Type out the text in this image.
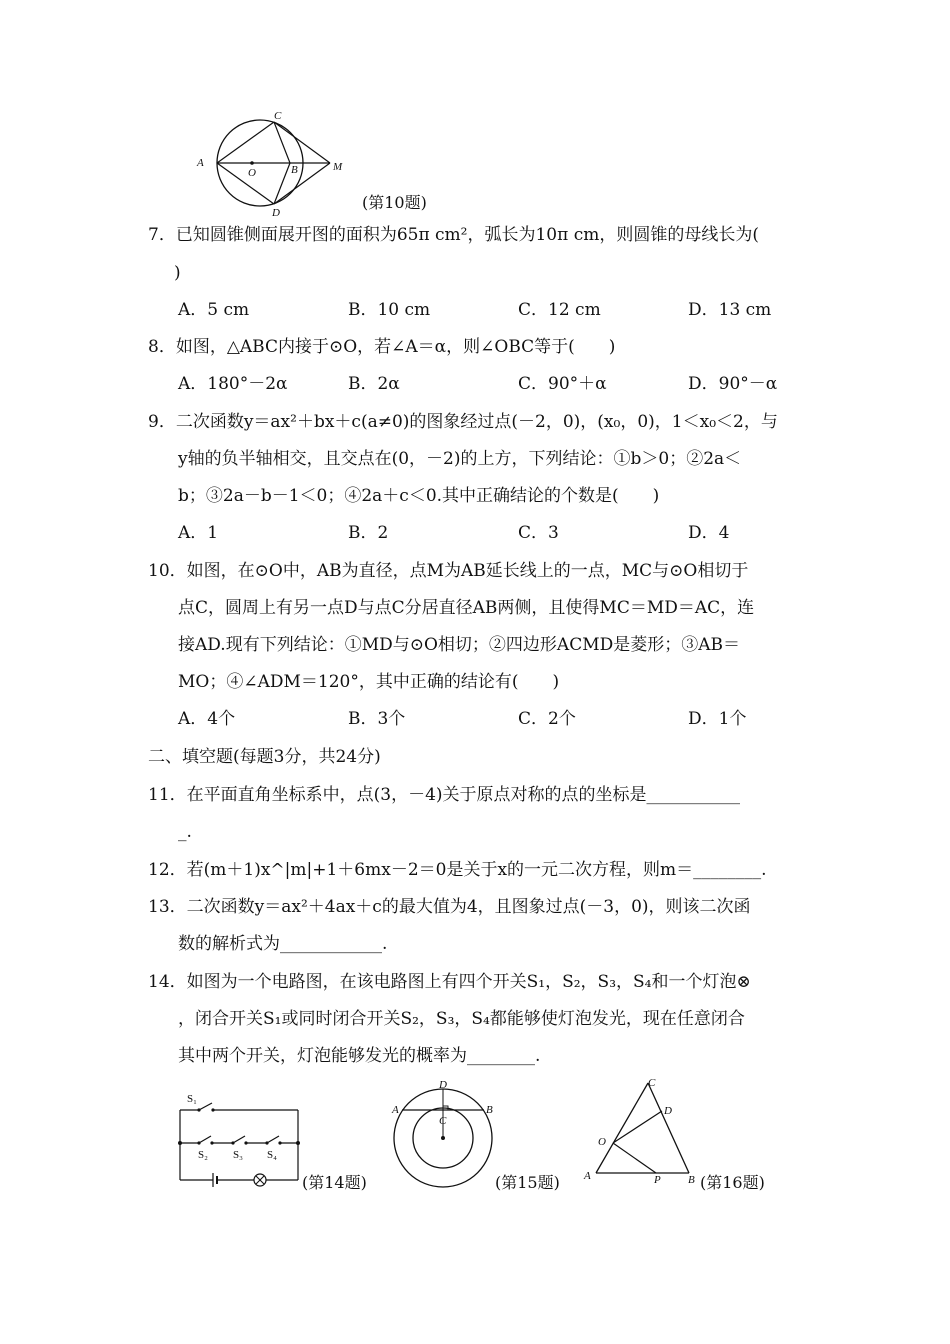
A
O	B	M
C
D
(第10题)
7．已知圆锥侧面展开图的面积为65π cm²，弧长为10π cm，则圆锥的母线长为(
)
A．5 cm	B．10 cm	C．12 cm	D．13 cm
8．如图，△ABC内接于⊙O，若∠A＝α，则∠OBC等于(　　)
A．180°－2α	B．2α	C．90°＋α	D．90°－α
9．二次函数y＝ax²＋bx＋c(a≠0)的图象经过点(－2，0)，(x₀，0)，1＜x₀＜2，与
y轴的负半轴相交，且交点在(0，－2)的上方，下列结论：①b＞0；②2a＜
b；③2a－b－1＜0；④2a＋c＜0.其中正确结论的个数是(　　)
A．1	B．2	C．3	D．4
10．如图，在⊙O中，AB为直径，点M为AB延长线上的一点，MC与⊙O相切于
点C，圆周上有另一点D与点C分居直径AB两侧，且使得MC＝MD＝AC，连
接AD.现有下列结论：①MD与⊙O相切；②四边形ACMD是菱形；③AB＝
MO；④∠ADM＝120°，其中正确的结论有(　　)
A．4个	B．3个	C．2个	D．1个
二、填空题(每题3分，共24分)
11．在平面直角坐标系中，点(3，－4)关于原点对称的点的坐标是___________
_.
12．若(m＋1)x^|m|+1＋6mx－2＝0是关于x的一元二次方程，则m＝________.
13．二次函数y＝ax²＋4ax＋c的最大值为4，且图象过点(－3，0)，则该二次函
数的解析式为____________.
14．如图为一个电路图，在该电路图上有四个开关S₁，S₂，S₃，S₄和一个灯泡⊗
，闭合开关S₁或同时闭合开关S₂，S₃，S₄都能够使灯泡发光，现在任意闭合
其中两个开关，灯泡能够发光的概率为________.
S₁
S₂ S₃ S₄
(第14题)
D
A	B
C
(第15题)
C
D
O
A	P B (第16题)
